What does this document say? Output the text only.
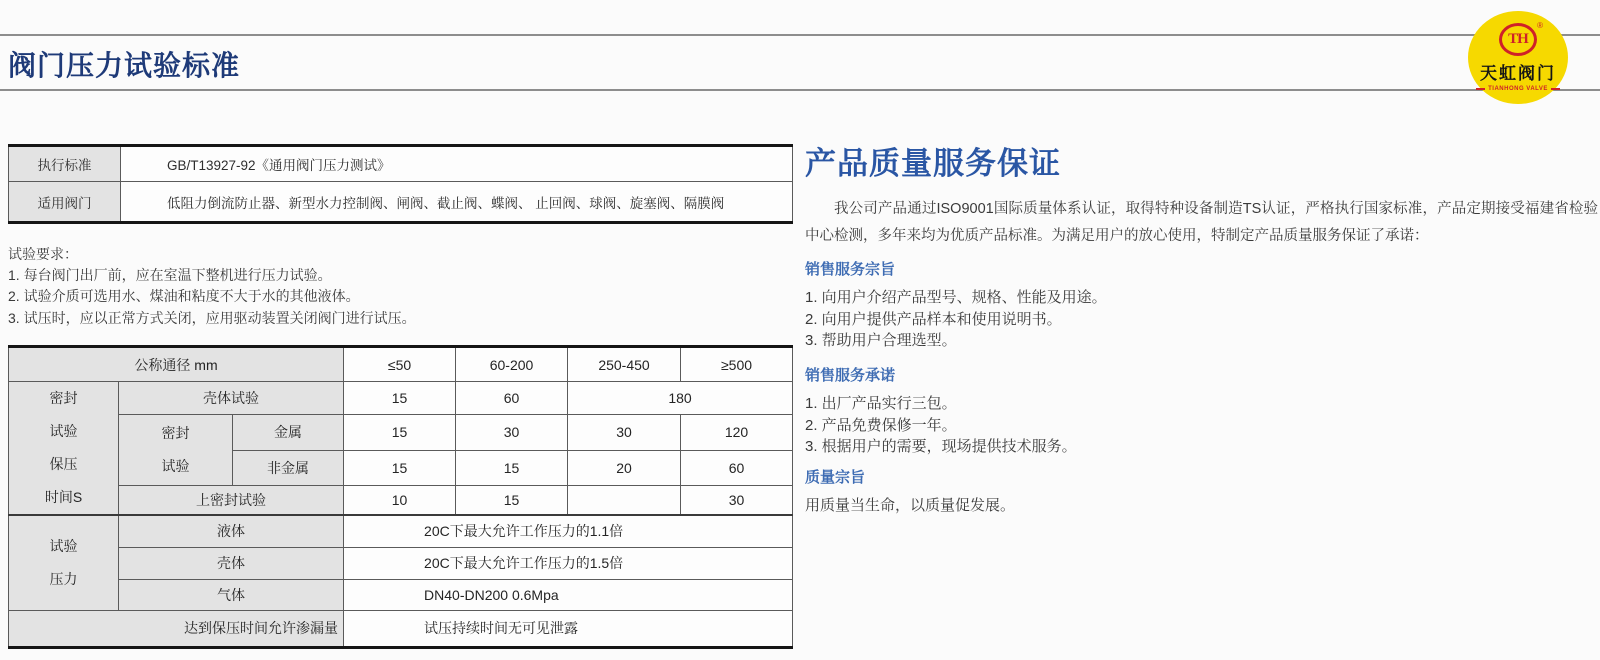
阀门压力试验标准
TH
®
天虹阀门
TIANHONG VALVE
执行标准	GB/T13927-92《通用阀门压力测试》
适用阀门	低阻力倒流防止器、新型水力控制阀、闸阀、截止阀、蝶阀、 止回阀、球阀、旋塞阀、隔膜阀
试验要求：
1. 每台阀门出厂前，应在室温下整机进行压力试验。
2. 试验介质可选用水、煤油和粘度不大于水的其他液体。
3. 试压时，应以正常方式关闭，应用驱动装置关闭阀门进行试压。
公称通径 mm			≤50	60-200	250-450	≥500

密封
试验
保压
时间S	壳体试验		15	60	180	

	密封
试验	金属	15	30	30	120
		非金属	15	15	20	60
	上密封试验		10	15		30

试验
压力	液体		20C下最大允许工作压力的1.1倍			
	壳体		20C下最大允许工作压力的1.5倍			
	气体		DN40-DN200 0.6Mpa			
达到保压时间允许渗漏量			试压持续时间无可见泄露			
产品质量服务保证
我公司产品通过ISO9001国际质量体系认证，取得特种设备制造TS认证，严格执行国家标准，产品定期接受福建省检验中心检测，多年来均为优质产品标准。为满足用户的放心使用，特制定产品质量服务保证了承诺：
销售服务宗旨
1. 向用户介绍产品型号、规格、性能及用途。
2. 向用户提供产品样本和使用说明书。
3. 帮助用户合理选型。
销售服务承诺
1. 出厂产品实行三包。
2. 产品免费保修一年。
3. 根据用户的需要，现场提供技术服务。
质量宗旨
用质量当生命，以质量促发展。
